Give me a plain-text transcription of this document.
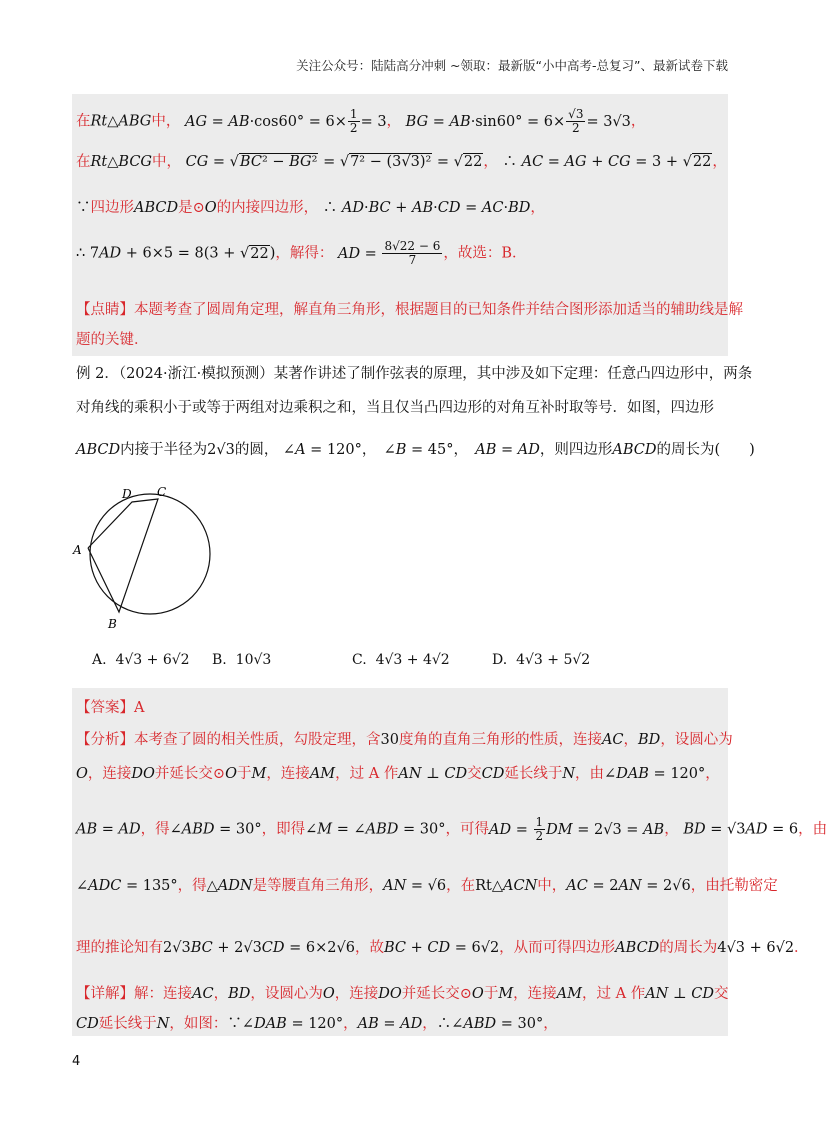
关注公众号：陆陆高分冲刺 ~领取：最新版“小中高考-总复习”、最新试卷下载
在Rt△ABG中， AG = $AB\cdot\cos 60^\circ = 6\times \frac{1}{2} = 3$， BG = $AB\cdot\sin 60^\circ = 6\times \frac{√3}{2} = 3√3$，
在Rt△BCG中， CG = √BC² − BG² = √7² − (3√3)² = √22， ∴ AC = AG + CG = 3 + √22，
∵四边形ABCD是⊙O的内接四边形， ∴ AD·BC + AB·CD = AC·BD，
∴ 7AD + 6×5 = 8(3 + √22)，解得： AD = $\frac{8√22 - 6}{7}$ ，故选：B．
【点睛】本题考查了圆周角定理，解直角三角形，根据题目的已知条件并结合图形添加适当的辅助线是解
题的关键．
例 2．（2024·浙江·模拟预测）某著作讲述了制作弦表的原理，其中涉及如下定理：任意凸四边形中，两条
对角线的乘积小于或等于两组对边乘积之和，当且仅当凸四边形的对角互补时取等号．如图，四边形
ABCD内接于半径为2√3的圆， ∠A = 120°，　∠B = 45°，　AB = AD，则四边形ABCD的周长为(　　)
D C
A
B
A. 4√3 + 6√2 B. 10√3	C. 4√3 + 4√2	D. 4√3 + 5√2
【答案】A
【分析】本考查了圆的相关性质，勾股定理，含30度角的直角三角形的性质，连接AC，BD，设圆心为
O，连接DO并延长交⊙O于M，连接AM，过 A 作AN ⊥ CD交CD延长线于N，由∠DAB = 120°，
AB = AD，得∠ABD = 30°，即得∠M = ∠ABD = 30°，可得AD = $\frac{1}{2}$ DM = 2√3 = AB， BD = √3AD = 6，由
∠ADC = 135°，得△ADN是等腰直角三角形，AN = √6，在Rt△ACN中，AC = 2AN = 2√6，由托勒密定
理的推论知有2√3BC + 2√3CD = 6×2√6，故BC + CD = 6√2，从而可得四边形ABCD的周长为4√3 + 6√2．
【详解】解：连接AC，BD，设圆心为O，连接DO并延长交⊙O于M，连接AM，过 A 作AN ⊥ CD交
CD延长线于N，如图：∵∠DAB = 120°，AB = AD，∴∠ABD = 30°，
4
